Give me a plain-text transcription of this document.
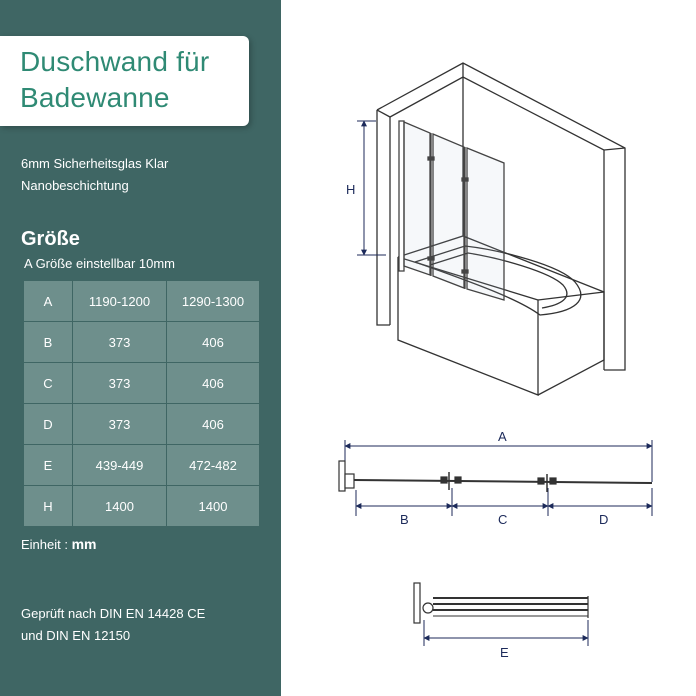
Duschwand für
Badewanne
6mm Sicherheitsglas Klar
Nanobeschichtung
Größe
A Größe einstellbar 10mm
A	1190-1200	1290-1300
B	373	406
C	373	406
D	373	406
E	439-449	472-482
H	1400	1400
Einheit : mm
Geprüft nach DIN EN 14428 CE
und DIN EN 12150
H
A
B	C	D
E
